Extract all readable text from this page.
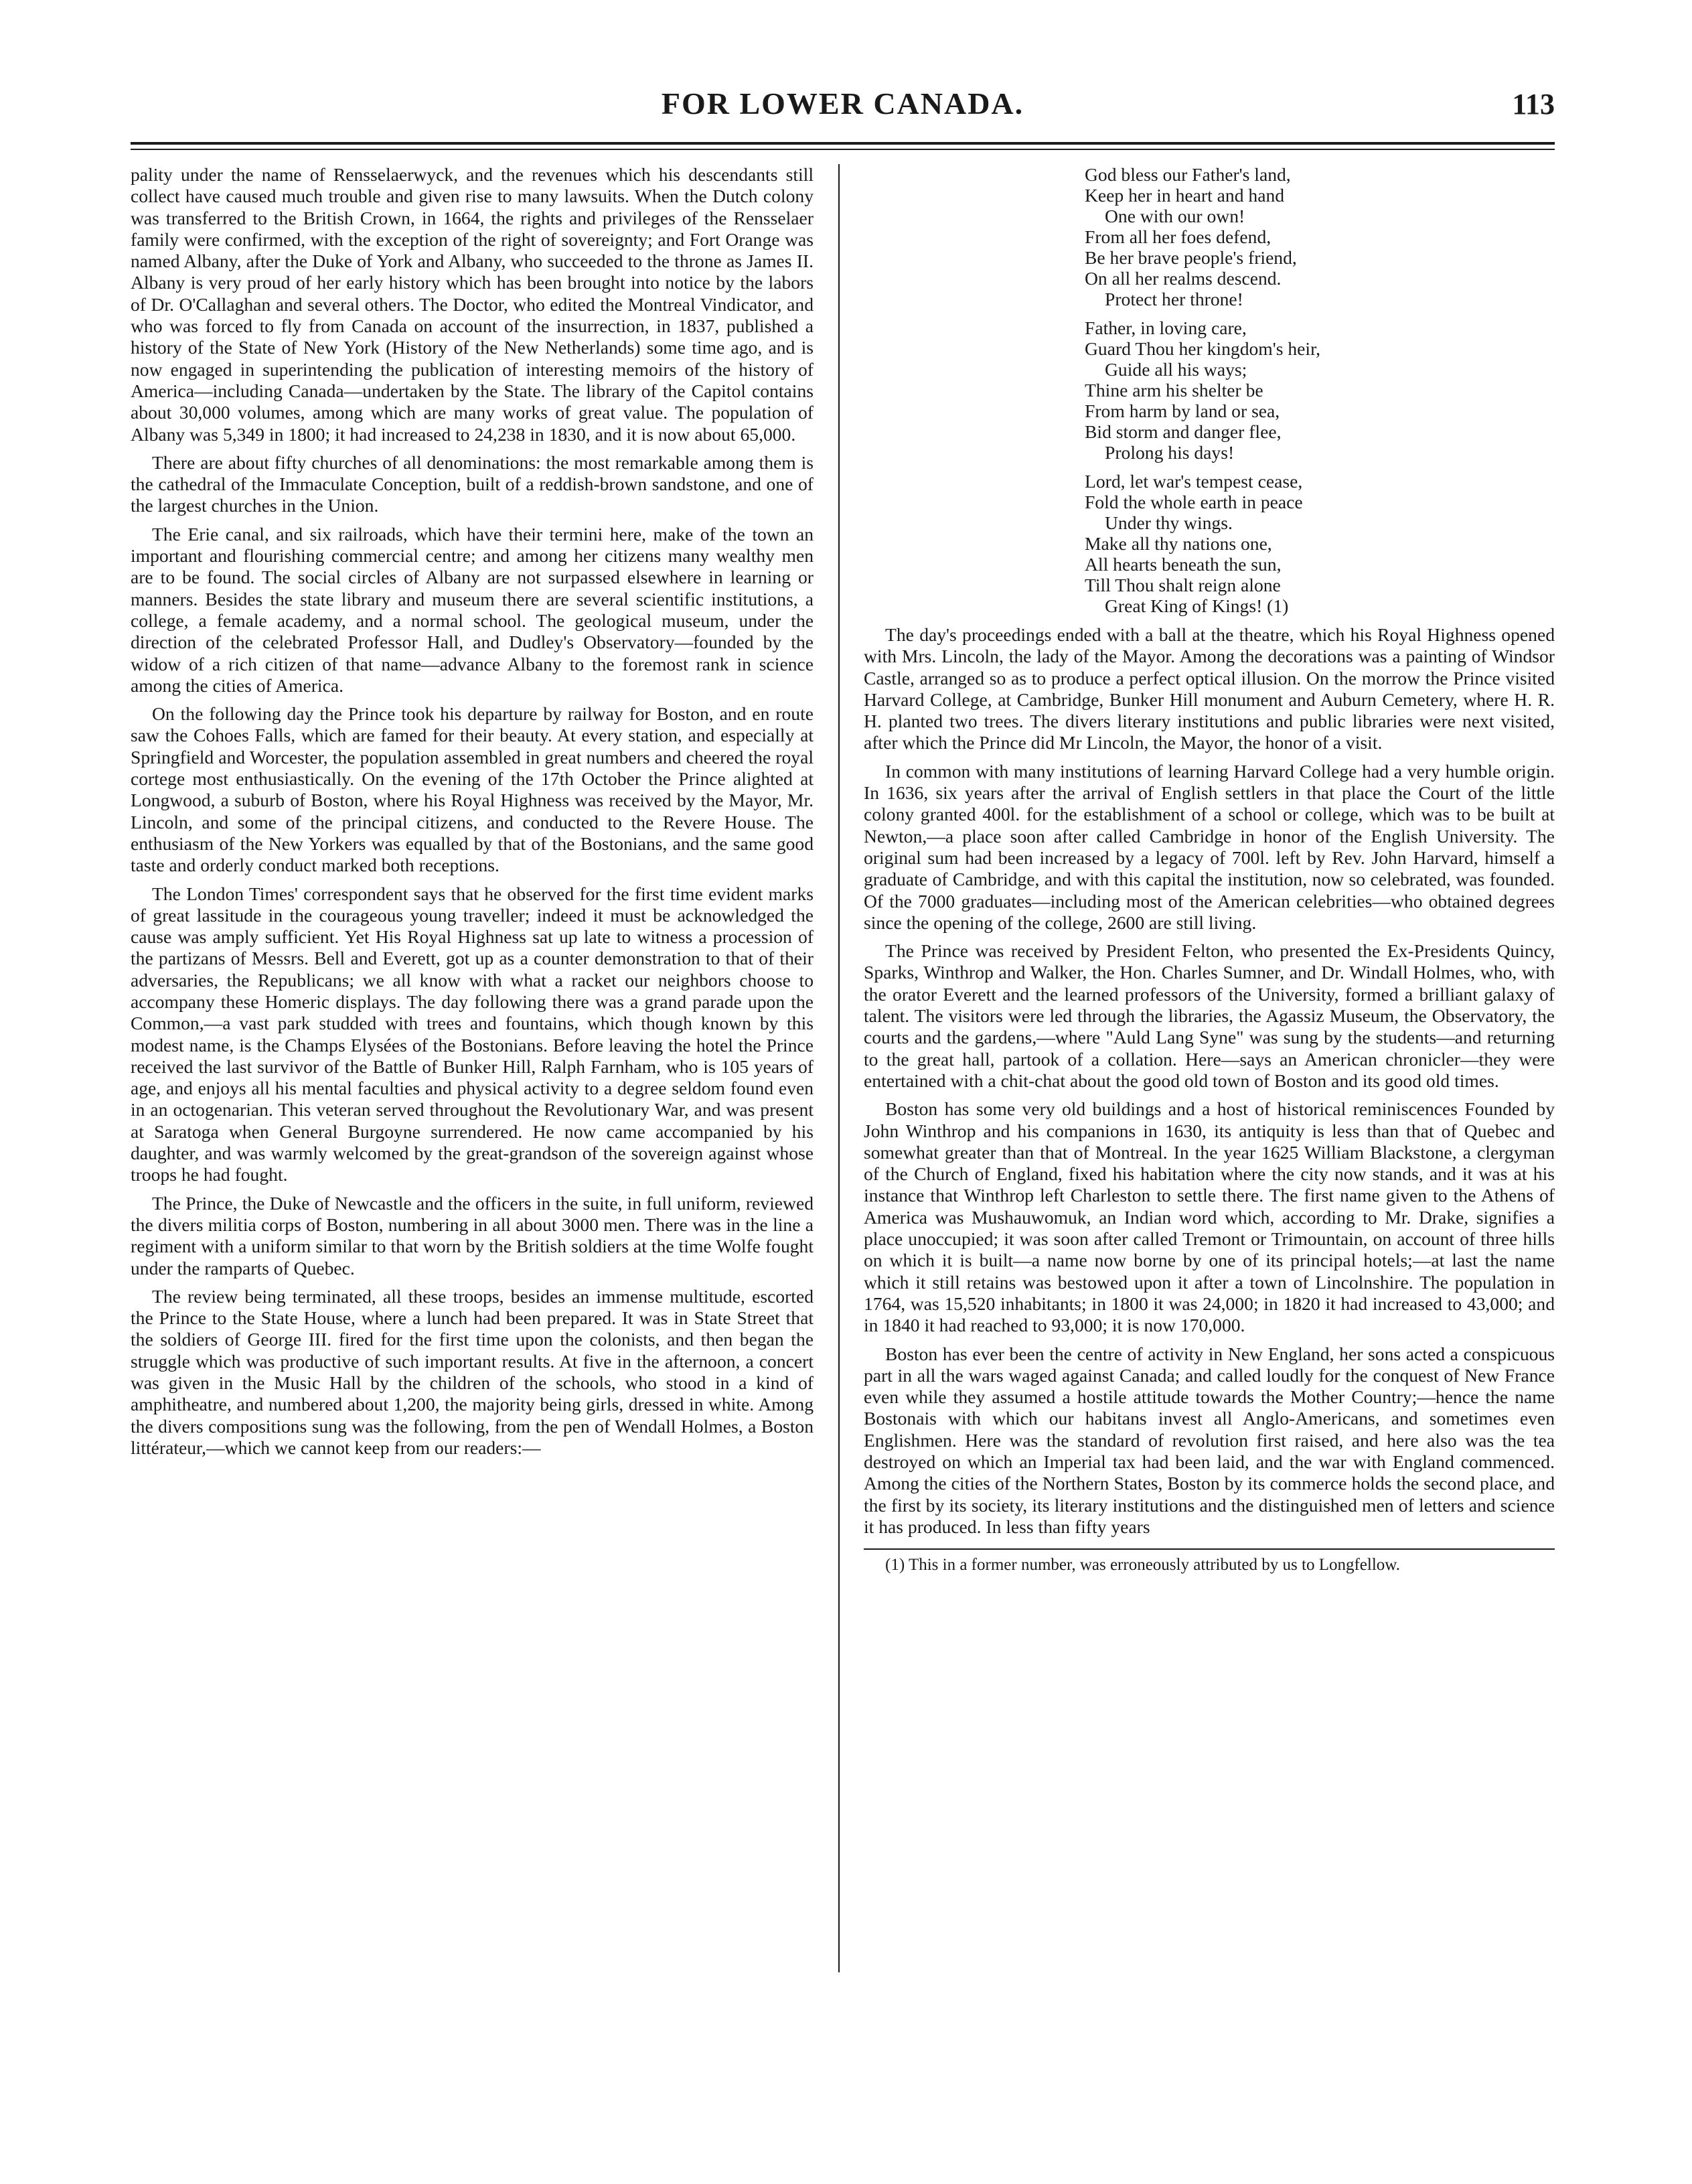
FOR LOWER CANADA.	113

pality under the name of Rensselaerwyck, and the revenues which his descendants still collect have caused much trouble and given rise to many lawsuits. When the Dutch colony was transferred to the British Crown, in 1664, the rights and privileges of the Rensselaer family were confirmed, with the exception of the right of sovereignty; and Fort Orange was named Albany, after the Duke of York and Albany, who succeeded to the throne as James II. Albany is very proud of her early history which has been brought into notice by the labors of Dr. O'Callaghan and several others. The Doctor, who edited the Montreal Vindicator, and who was forced to fly from Canada on account of the insurrection, in 1837, published a history of the State of New York (History of the New Netherlands) some time ago, and is now engaged in superintending the publication of interesting memoirs of the history of America—including Canada—undertaken by the State. The library of the Capitol contains about 30,000 volumes, among which are many works of great value. The population of Albany was 5,349 in 1800; it had increased to 24,238 in 1830, and it is now about 65,000.

There are about fifty churches of all denominations: the most remarkable among them is the cathedral of the Immaculate Conception, built of a reddish-brown sandstone, and one of the largest churches in the Union.

The Erie canal, and six railroads, which have their termini here, make of the town an important and flourishing commercial centre; and among her citizens many wealthy men are to be found. The social circles of Albany are not surpassed elsewhere in learning or manners. Besides the state library and museum there are several scientific institutions, a college, a female academy, and a normal school. The geological museum, under the direction of the celebrated Professor Hall, and Dudley's Observatory—founded by the widow of a rich citizen of that name—advance Albany to the foremost rank in science among the cities of America.

On the following day the Prince took his departure by railway for Boston, and en route saw the Cohoes Falls, which are famed for their beauty. At every station, and especially at Springfield and Worcester, the population assembled in great numbers and cheered the royal cortege most enthusiastically. On the evening of the 17th October the Prince alighted at Longwood, a suburb of Boston, where his Royal Highness was received by the Mayor, Mr. Lincoln, and some of the principal citizens, and conducted to the Revere House. The enthusiasm of the New Yorkers was equalled by that of the Bostonians, and the same good taste and orderly conduct marked both receptions.

The London Times' correspondent says that he observed for the first time evident marks of great lassitude in the courageous young traveller; indeed it must be acknowledged the cause was amply sufficient. Yet His Royal Highness sat up late to witness a procession of the partizans of Messrs. Bell and Everett, got up as a counter demonstration to that of their adversaries, the Republicans; we all know with what a racket our neighbors choose to accompany these Homeric displays. The day following there was a grand parade upon the Common,—a vast park studded with trees and fountains, which though known by this modest name, is the Champs Elysées of the Bostonians. Before leaving the hotel the Prince received the last survivor of the Battle of Bunker Hill, Ralph Farnham, who is 105 years of age, and enjoys all his mental faculties and physical activity to a degree seldom found even in an octogenarian. This veteran served throughout the Revolutionary War, and was present at Saratoga when General Burgoyne surrendered. He now came accompanied by his daughter, and was warmly welcomed by the great-grandson of the sovereign against whose troops he had fought.

The Prince, the Duke of Newcastle and the officers in the suite, in full uniform, reviewed the divers militia corps of Boston, numbering in all about 3000 men. There was in the line a regiment with a uniform similar to that worn by the British soldiers at the time Wolfe fought under the ramparts of Quebec.

The review being terminated, all these troops, besides an immense multitude, escorted the Prince to the State House, where a lunch had been prepared. It was in State Street that the soldiers of George III. fired for the first time upon the colonists, and then began the struggle which was productive of such important results. At five in the afternoon, a concert was given in the Music Hall by the children of the schools, who stood in a kind of amphitheatre, and numbered about 1,200, the majority being girls, dressed in white. Among the divers compositions sung was the following, from the pen of Wendall Holmes, a Boston littérateur,—which we cannot keep from our readers:—

God bless our Father's land,
Keep her in heart and hand
One with our own!
From all her foes defend,
Be her brave people's friend,
On all her realms descend.
Protect her throne!
Father, in loving care,
Guard Thou her kingdom's heir,
Guide all his ways;
Thine arm his shelter be
From harm by land or sea,
Bid storm and danger flee,
Prolong his days!
Lord, let war's tempest cease,
Fold the whole earth in peace
Under thy wings.
Make all thy nations one,
All hearts beneath the sun,
Till Thou shalt reign alone
Great King of Kings! (1)

The day's proceedings ended with a ball at the theatre, which his Royal Highness opened with Mrs. Lincoln, the lady of the Mayor. Among the decorations was a painting of Windsor Castle, arranged so as to produce a perfect optical illusion. On the morrow the Prince visited Harvard College, at Cambridge, Bunker Hill monument and Auburn Cemetery, where H. R. H. planted two trees. The divers literary institutions and public libraries were next visited, after which the Prince did Mr Lincoln, the Mayor, the honor of a visit.

In common with many institutions of learning Harvard College had a very humble origin. In 1636, six years after the arrival of English settlers in that place the Court of the little colony granted 400l. for the establishment of a school or college, which was to be built at Newton,—a place soon after called Cambridge in honor of the English University. The original sum had been increased by a legacy of 700l. left by Rev. John Harvard, himself a graduate of Cambridge, and with this capital the institution, now so celebrated, was founded. Of the 7000 graduates—including most of the American celebrities—who obtained degrees since the opening of the college, 2600 are still living.

The Prince was received by President Felton, who presented the Ex-Presidents Quincy, Sparks, Winthrop and Walker, the Hon. Charles Sumner, and Dr. Windall Holmes, who, with the orator Everett and the learned professors of the University, formed a brilliant galaxy of talent. The visitors were led through the libraries, the Agassiz Museum, the Observatory, the courts and the gardens,—where "Auld Lang Syne" was sung by the students—and returning to the great hall, partook of a collation. Here—says an American chronicler—they were entertained with a chit-chat about the good old town of Boston and its good old times.

Boston has some very old buildings and a host of historical reminiscences Founded by John Winthrop and his companions in 1630, its antiquity is less than that of Quebec and somewhat greater than that of Montreal. In the year 1625 William Blackstone, a clergyman of the Church of England, fixed his habitation where the city now stands, and it was at his instance that Winthrop left Charleston to settle there. The first name given to the Athens of America was Mushauwomuk, an Indian word which, according to Mr. Drake, signifies a place unoccupied; it was soon after called Tremont or Trimountain, on account of three hills on which it is built—a name now borne by one of its principal hotels;—at last the name which it still retains was bestowed upon it after a town of Lincolnshire. The population in 1764, was 15,520 inhabitants; in 1800 it was 24,000; in 1820 it had increased to 43,000; and in 1840 it had reached to 93,000; it is now 170,000.

Boston has ever been the centre of activity in New England, her sons acted a conspicuous part in all the wars waged against Canada; and called loudly for the conquest of New France even while they assumed a hostile attitude towards the Mother Country;—hence the name Bostonais with which our habitans invest all Anglo-Americans, and sometimes even Englishmen. Here was the standard of revolution first raised, and here also was the tea destroyed on which an Imperial tax had been laid, and the war with England commenced. Among the cities of the Northern States, Boston by its commerce holds the second place, and the first by its society, its literary institutions and the distinguished men of letters and science it has produced. In less than fifty years

(1) This in a former number, was erroneously attributed by us to Longfellow.
